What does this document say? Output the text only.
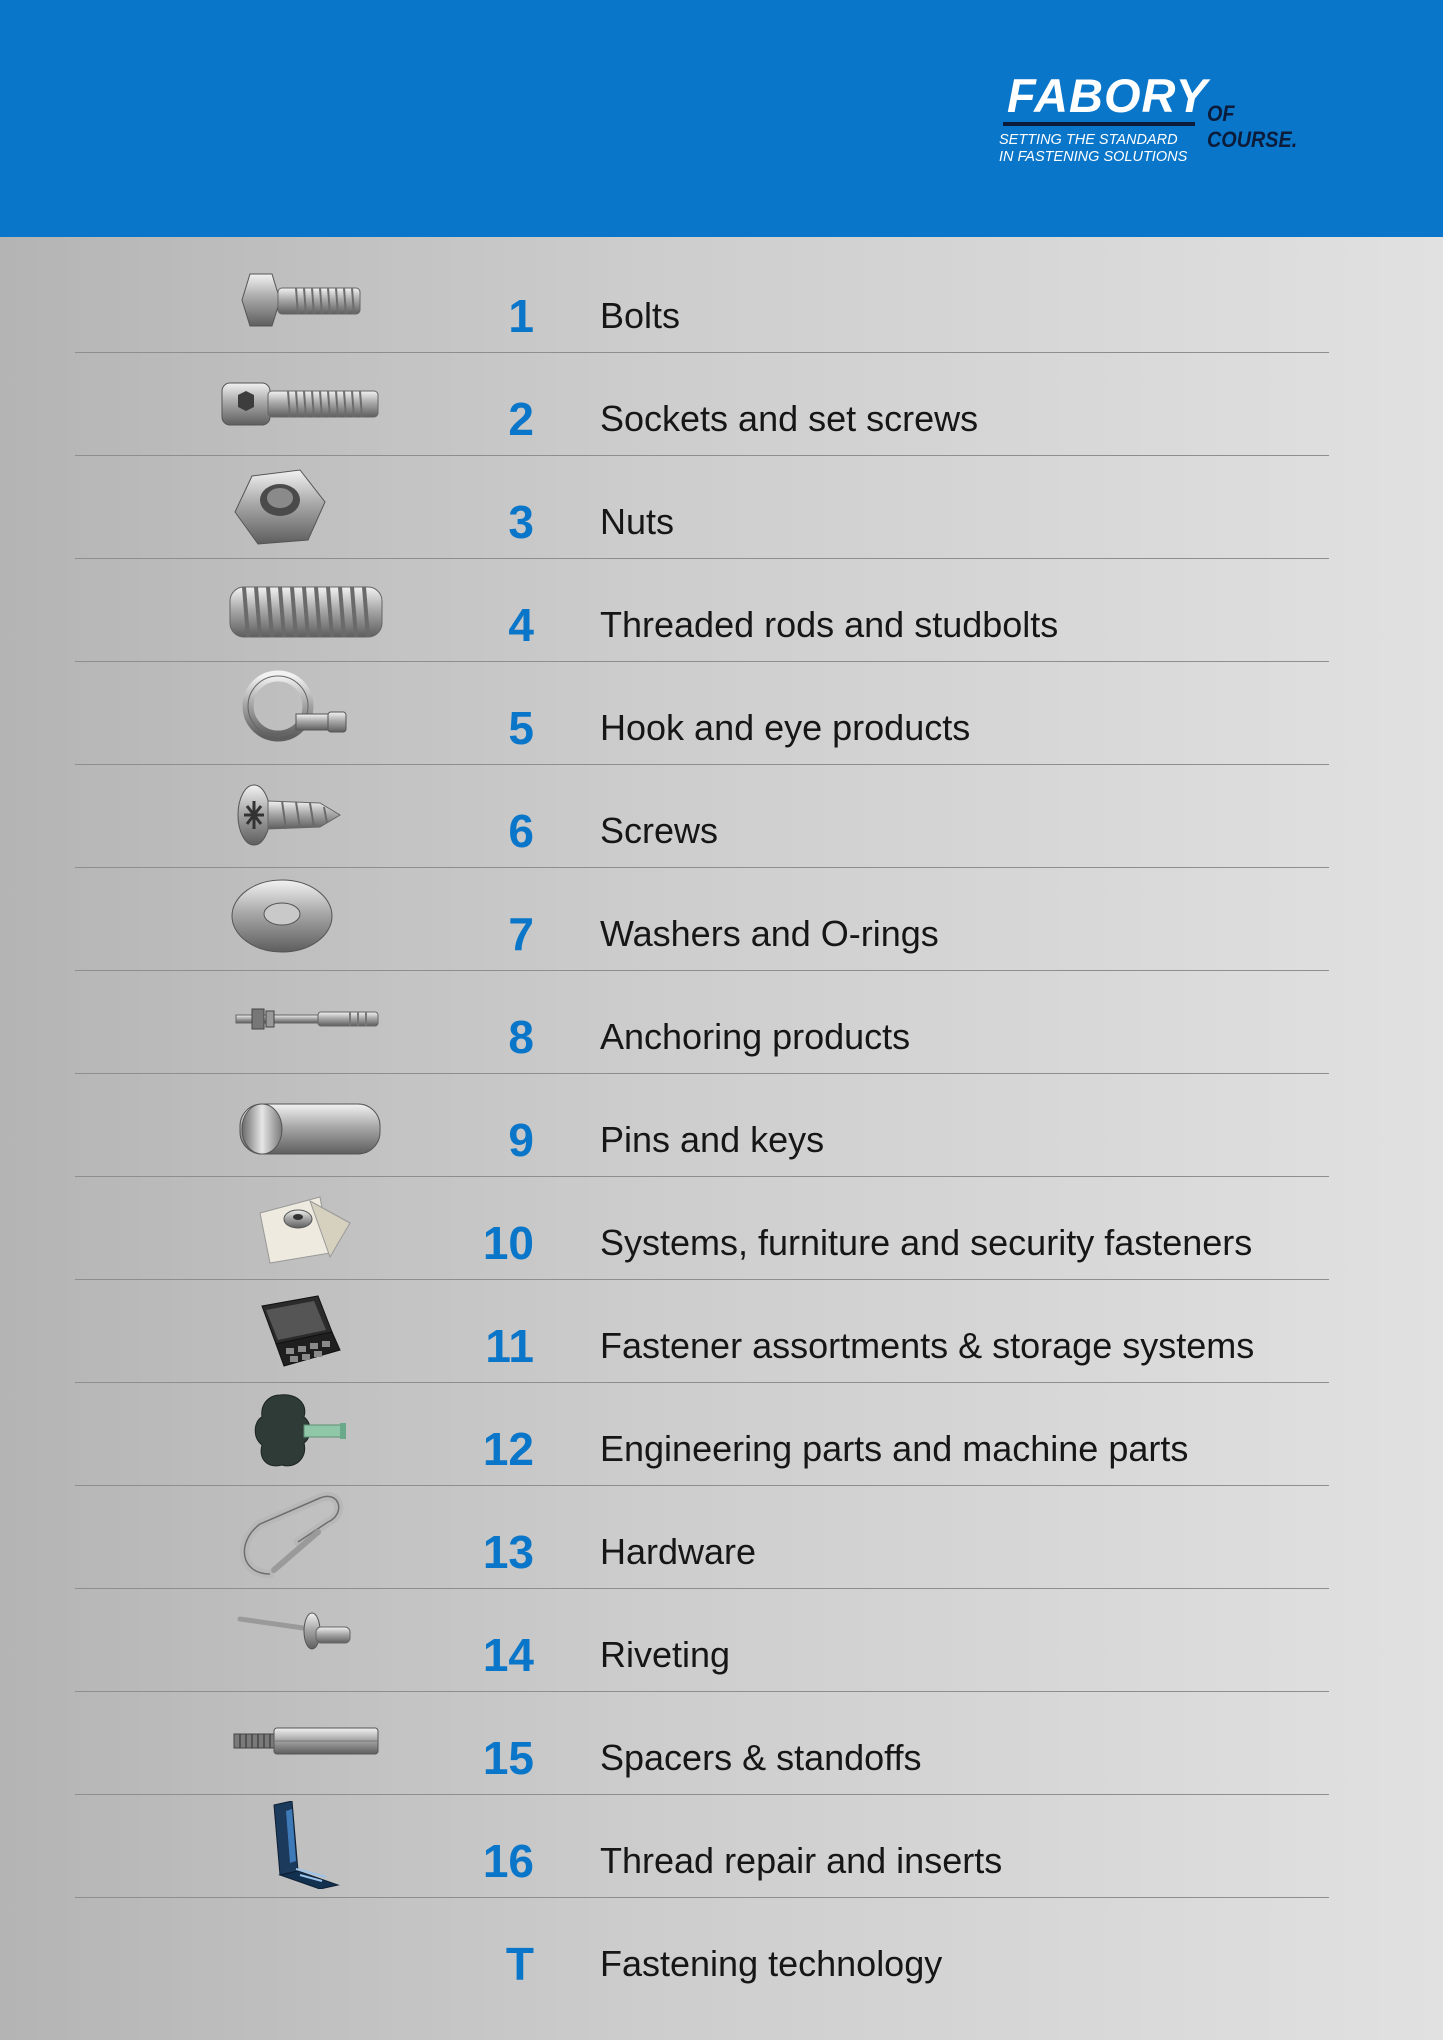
FABORY OF COURSE.
SETTING THE STANDARD
IN FASTENING SOLUTIONS
1 Bolts
2 Sockets and set screws
3 Nuts
4 Threaded rods and studbolts
5 Hook and eye products
6 Screws
7 Washers and O-rings
8 Anchoring products
9 Pins and keys
10 Systems, furniture and security fasteners
11 Fastener assortments & storage systems
12 Engineering parts and machine parts
13 Hardware
14 Riveting
15 Spacers & standoffs
16 Thread repair and inserts
T Fastening technology
